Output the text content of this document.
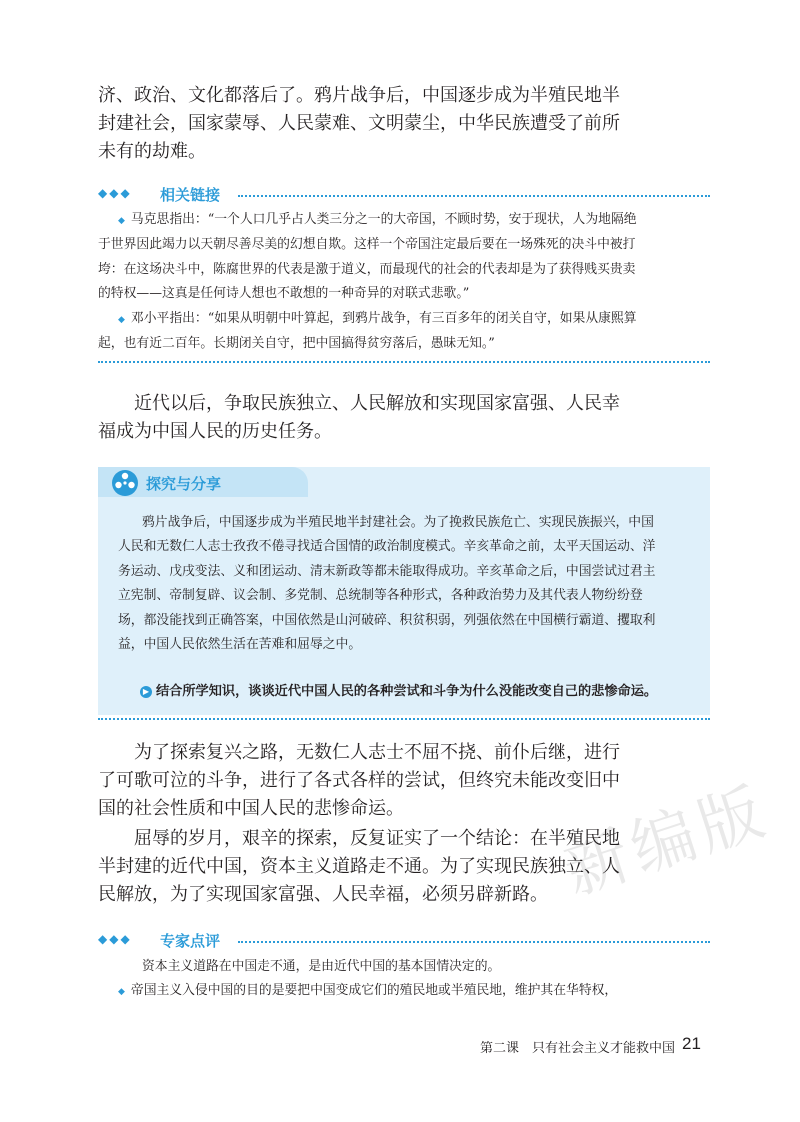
新编版

济、政治、文化都落后了。鸦片战争后，中国逐步成为半殖民地半
封建社会，国家蒙辱、人民蒙难、文明蒙尘，中华民族遭受了前所
未有的劫难。

◆◆◆ 相关链接
◆ 马克思指出：“一个人口几乎占人类三分之一的大帝国，不顾时势，安于现状，人为地隔绝
于世界因此竭力以天朝尽善尽美的幻想自欺。这样一个帝国注定最后要在一场殊死的决斗中被打
垮：在这场决斗中，陈腐世界的代表是激于道义，而最现代的社会的代表却是为了获得贱买贵卖
的特权——这真是任何诗人想也不敢想的一种奇异的对联式悲歌。”
◆ 邓小平指出：“如果从明朝中叶算起，到鸦片战争，有三百多年的闭关自守，如果从康熙算
起，也有近二百年。长期闭关自守，把中国搞得贫穷落后，愚昧无知。”

近代以后，争取民族独立、人民解放和实现国家富强、人民幸
福成为中国人民的历史任务。

探究与分享
鸦片战争后，中国逐步成为半殖民地半封建社会。为了挽救民族危亡、实现民族振兴，中国
人民和无数仁人志士孜孜不倦寻找适合国情的政治制度模式。辛亥革命之前，太平天国运动、洋
务运动、戊戌变法、义和团运动、清末新政等都未能取得成功。辛亥革命之后，中国尝试过君主
立宪制、帝制复辟、议会制、多党制、总统制等各种形式，各种政治势力及其代表人物纷纷登
场，都没能找到正确答案，中国依然是山河破碎、积贫积弱，列强依然在中国横行霸道、攫取利
益，中国人民依然生活在苦难和屈辱之中。
▶ 结合所学知识，谈谈近代中国人民的各种尝试和斗争为什么没能改变自己的悲惨命运。

为了探索复兴之路，无数仁人志士不屈不挠、前仆后继，进行
了可歌可泣的斗争，进行了各式各样的尝试，但终究未能改变旧中
国的社会性质和中国人民的悲惨命运。

屈辱的岁月，艰辛的探索，反复证实了一个结论：在半殖民地
半封建的近代中国，资本主义道路走不通。为了实现民族独立、人
民解放，为了实现国家富强、人民幸福，必须另辟新路。

◆◆◆ 专家点评
资本主义道路在中国走不通，是由近代中国的基本国情决定的。
◆ 帝国主义入侵中国的目的是要把中国变成它们的殖民地或半殖民地，维护其在华特权，
第二课　只有社会主义才能救中国 21
